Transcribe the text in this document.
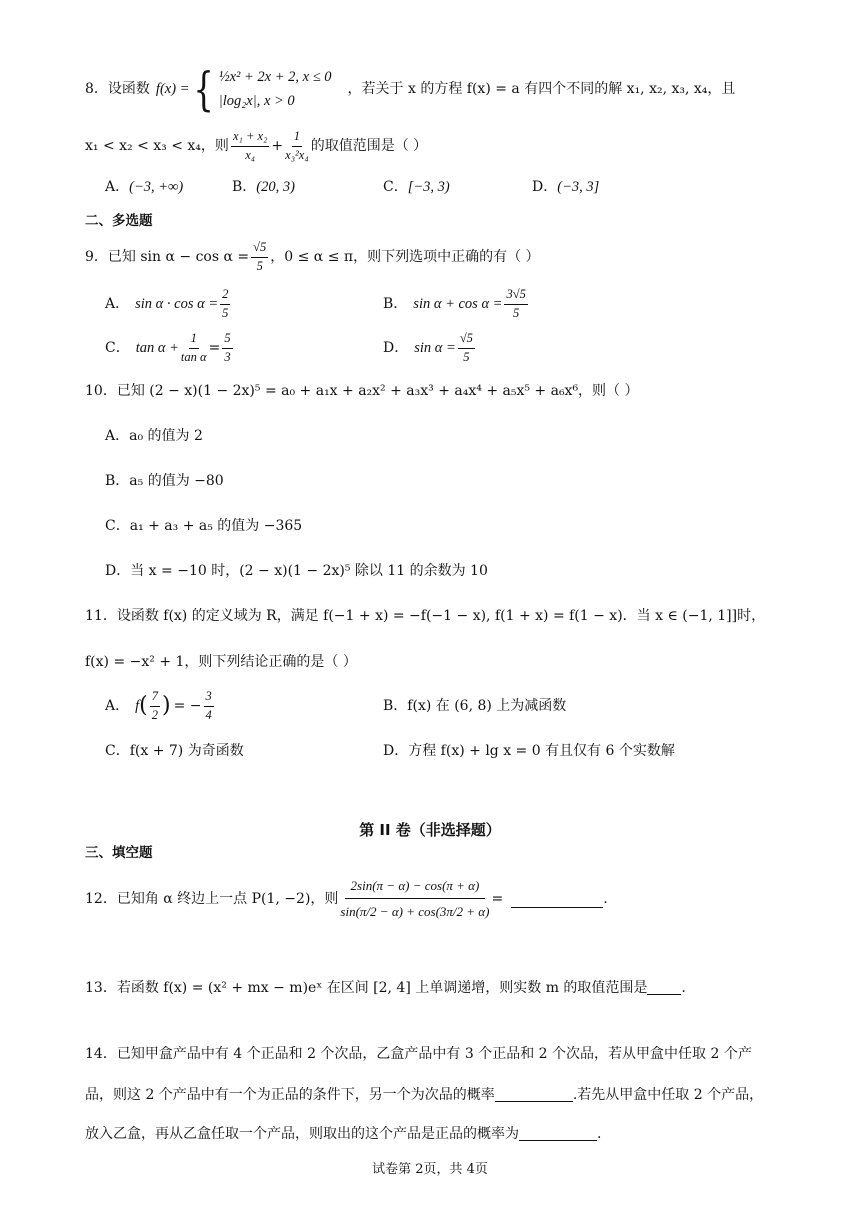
8．设函数 f(x) = { ½x² + 2x + 2, x ≤ 0
|log₂x|, x > 0
，若关于 x 的方程 f(x) = a 有四个不同的解 x₁, x₂, x₃, x₄，且
x₁ < x₂ < x₃ < x₄，则
x₁ + x₂
x₄
+ $\frac{1}{\text{x₃²x₄}}$ 的取值范围是（ ）
A．(−3, +∞)	B．(20, 3)	C．[−3, 3)	D．(−3, 3]
二、多选题
9．已知 $\sin \alpha - \cos \alpha = \frac{√5}{5}$ ，0 ≤ α ≤ π，则下列选项中正确的有（ ）
A． $\sin \alpha \cdot \cos \alpha = \frac{2}{5}$	B． $\sin \alpha + \cos \alpha = \frac{3√5}{5}$
C． $\tan \alpha + \frac{1}{\text{tan α}} = \frac{5}{3}$	D． $\sin \alpha = \frac{√5}{5}$
10．已知 (2 − x)(1 − 2x)⁵ = a₀ + a₁x + a₂x² + a₃x³ + a₄x⁴ + a₅x⁵ + a₆x⁶，则（ ）
A．a₀ 的值为 2
B．a₅ 的值为 −80
C．a₁ + a₃ + a₅ 的值为 −365
D．当 x = −10 时，(2 − x)(1 − 2x)⁵ 除以 11 的余数为 10
11．设函数 f(x) 的定义域为 R，满足 f(−1 + x) = −f(−1 − x), f(1 + x) = f(1 − x)．当 x ∈ (−1, 1]]时，
f(x) = −x² + 1，则下列结论正确的是（ ）
A． f ( 7
2 ) = − $\frac{3}{4}$	B．f(x) 在 (6, 8) 上为减函数
C．f(x + 7) 为奇函数	D．方程 f(x) + lg x = 0 有且仅有 6 个实数解
第 II 卷（非选择题）
三、填空题
12．已知角 α 终边上一点 P(1, −2)，则 $\frac{2\sin(\pi - \alpha) - \cos(\pi + \alpha)}{\sin(\pi/2 - \alpha) + \cos(3\pi/2 + \alpha)}$ =	.
13．若函数 f(x) = (x² + mx − m)eˣ 在区间 [2, 4] 上单调递增，则实数 m 的取值范围是 .
14．已知甲盒产品中有 4 个正品和 2 个次品，乙盒产品中有 3 个正品和 2 个次品，若从甲盒中任取 2 个产
品，则这 2 个产品中有一个为正品的条件下，另一个为次品的概率	.若先从甲盒中任取 2 个产品，
放入乙盒，再从乙盒任取一个产品，则取出的这个产品是正品的概率为	.
试卷第 2页，共 4页
